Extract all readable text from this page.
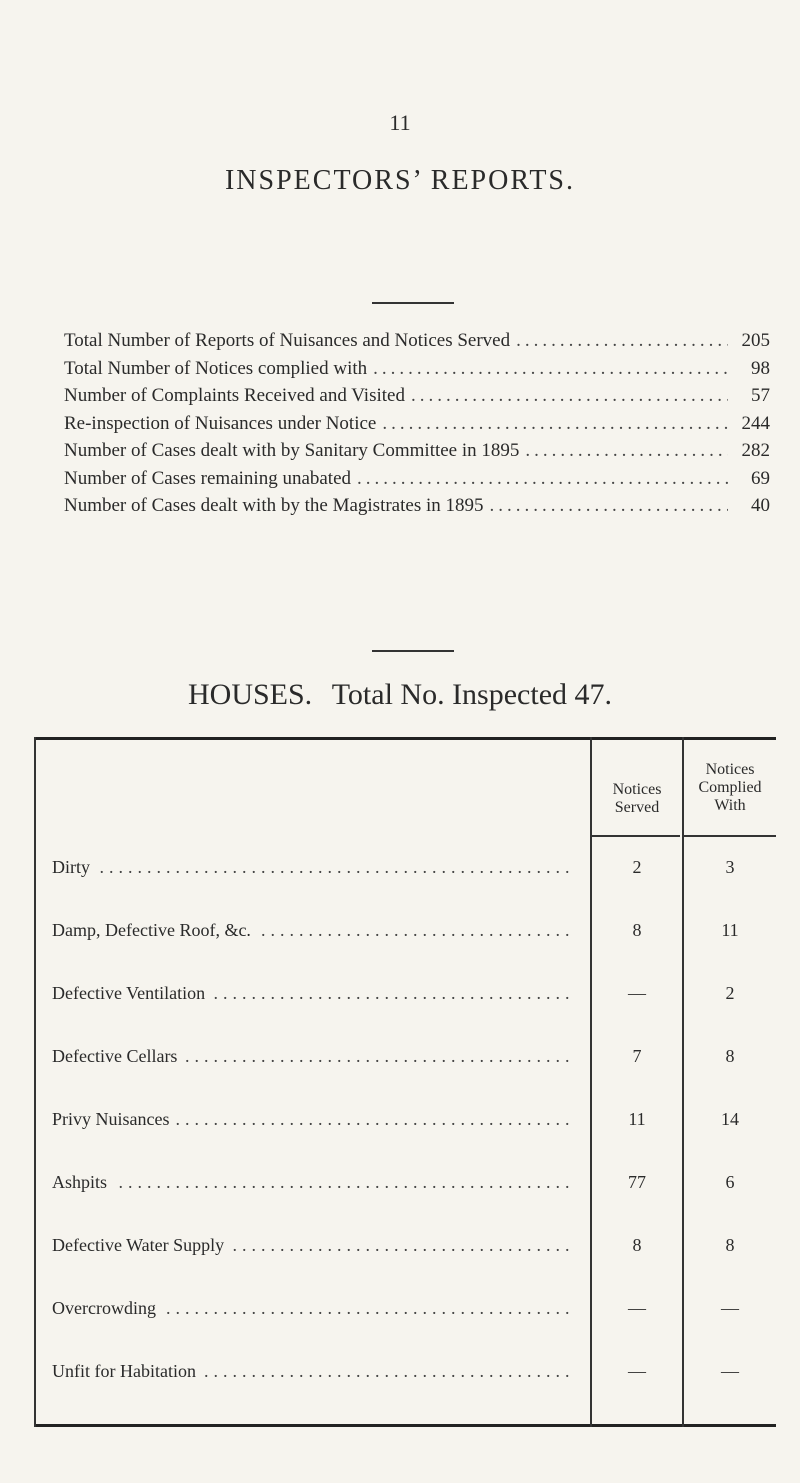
11
INSPECTORS’ REPORTS.
Total Number of Reports of Nuisances and Notices Served .....	205
Total Number of Notices complied with .....	98
Number of Complaints Received and Visited .....	57
Re-inspection of Nuisances under Notice .....	244
Number of Cases dealt with by Sanitary Committee in 1895 .....	282
Number of Cases remaining unabated .....	69
Number of Cases dealt with by the Magistrates in 1895 .....	40
HOUSES. Total No. Inspected 47.
Notices
Served
Notices
Complied
With
.....
Dirty	2	3
.....
Damp, Defective Roof, &c.	8	11
.....
Defective Ventilation	—	2
.....
Defective Cellars	7	8
.....
Privy Nuisances	11	14
.....
Ashpits	77	6
.....
Defective Water Supply	8	8
.....
Overcrowding	—	—
.....
Unfit for Habitation	—	—
